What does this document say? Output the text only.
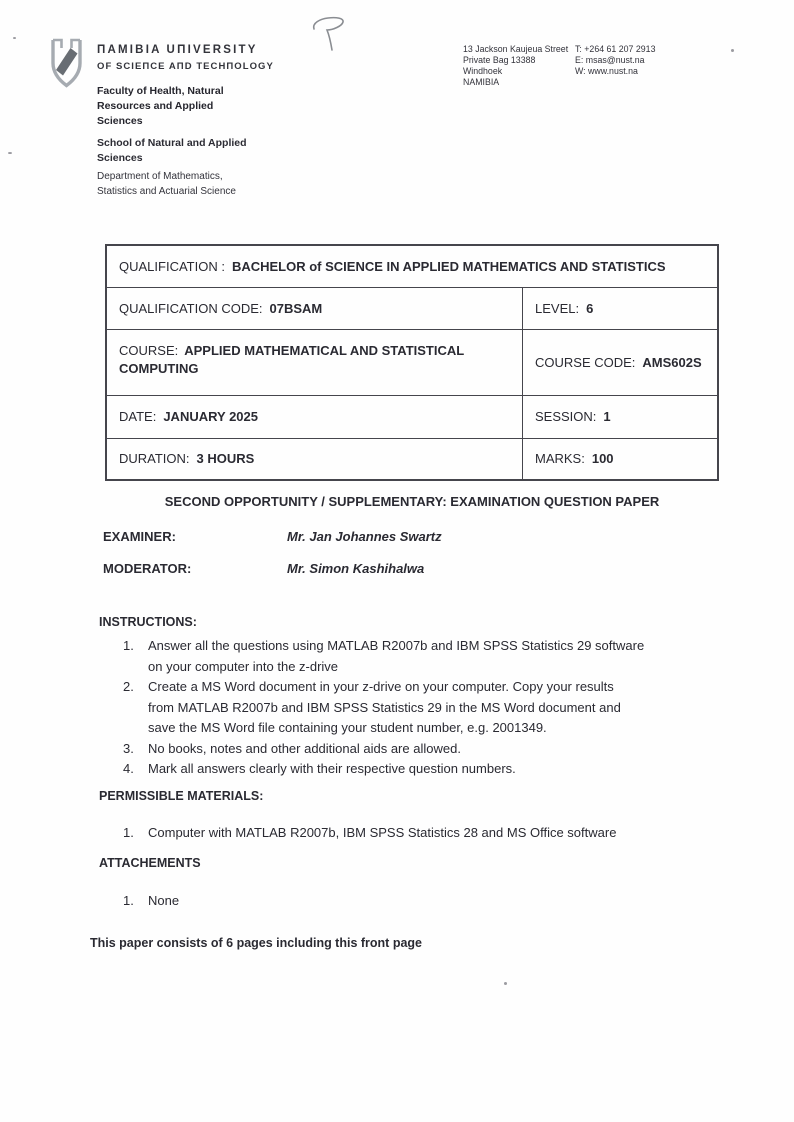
ΠAMIBIA UΠIVERSITY
OF SCIEΠCE AΠD TECHΠOLOGY
Faculty of Health, Natural
Resources and Applied
Sciences
School of Natural and Applied
Sciences
Department of Mathematics,
Statistics and Actuarial Science
13 Jackson Kaujeua Street
Private Bag 13388
Windhoek
NAMIBIA
T: +264 61 207 2913
E: msas@nust.na
W: www.nust.na
QUALIFICATION : BACHELOR of SCIENCE IN APPLIED MATHEMATICS AND STATISTICS
QUALIFICATION CODE: 07BSAM	LEVEL: 6
COURSE: APPLIED MATHEMATICAL AND STATISTICAL COMPUTING	COURSE CODE: AMS602S
DATE: JANUARY 2025	SESSION: 1
DURATION: 3 HOURS	MARKS: 100
SECOND OPPORTUNITY / SUPPLEMENTARY: EXAMINATION QUESTION PAPER
EXAMINER:	Mr. Jan Johannes Swartz
MODERATOR:	Mr. Simon Kashihalwa
INSTRUCTIONS:
1.	Answer all the questions using MATLAB R2007b and IBM SPSS Statistics 29 software
on your computer into the z-drive
2.	Create a MS Word document in your z-drive on your computer. Copy your results
from MATLAB R2007b and IBM SPSS Statistics 29 in the MS Word document and
save the MS Word file containing your student number, e.g. 2001349.
3.	No books, notes and other additional aids are allowed.
4.	Mark all answers clearly with their respective question numbers.
PERMISSIBLE MATERIALS:
1.	Computer with MATLAB R2007b, IBM SPSS Statistics 28 and MS Office software
ATTACHEMENTS
1.	None
This paper consists of 6 pages including this front page
